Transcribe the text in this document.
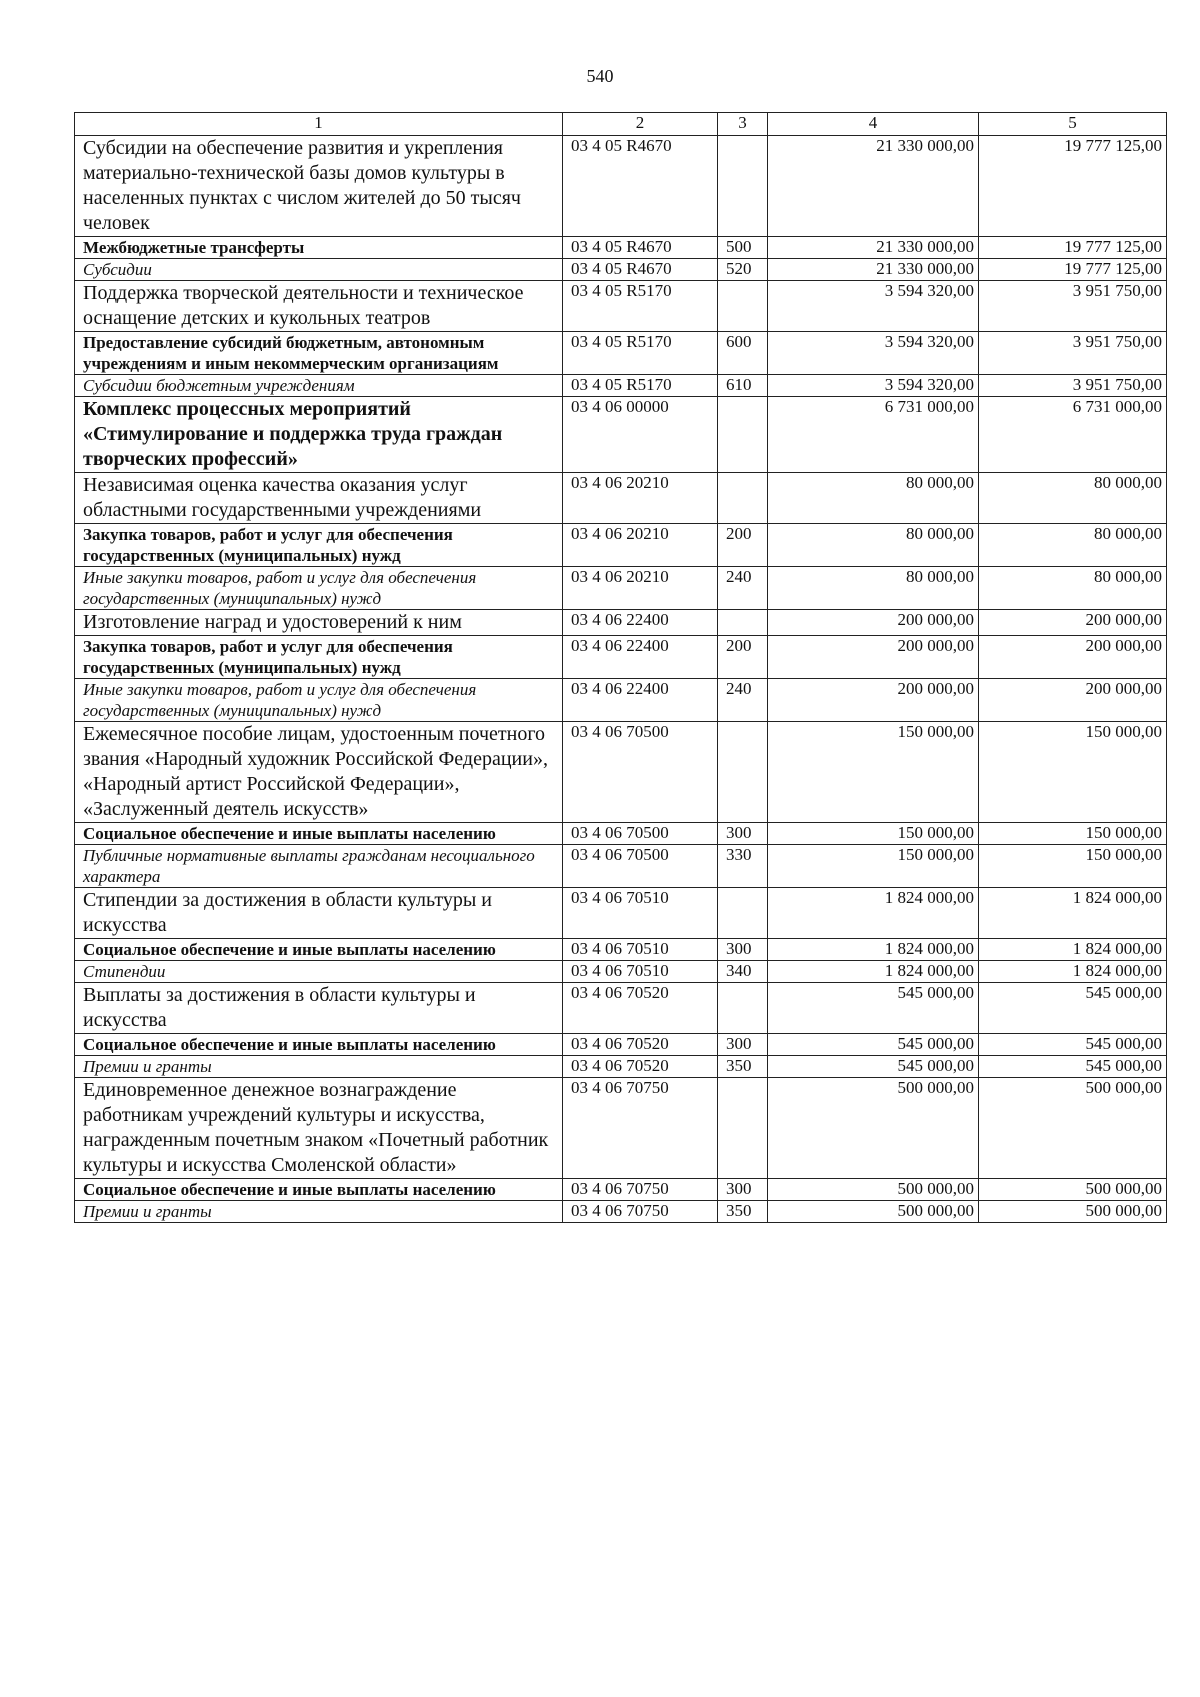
540
1	2	3	4	5
Субсидии на обеспечение развития и укрепления материально-технической базы домов культуры в населенных пунктах с числом жителей до 50 тысяч человек	03 4 05 R4670		21 330 000,00	19 777 125,00
Межбюджетные трансферты	03 4 05 R4670	500	21 330 000,00	19 777 125,00
Субсидии	03 4 05 R4670	520	21 330 000,00	19 777 125,00
Поддержка творческой деятельности и техническое оснащение детских и кукольных театров	03 4 05 R5170		3 594 320,00	3 951 750,00
Предоставление субсидий бюджетным, автономным учреждениям и иным некоммерческим организациям	03 4 05 R5170	600	3 594 320,00	3 951 750,00
Субсидии бюджетным учреждениям	03 4 05 R5170	610	3 594 320,00	3 951 750,00
Комплекс процессных мероприятий «Стимулирование и поддержка труда граждан творческих профессий»	03 4 06 00000		6 731 000,00	6 731 000,00
Независимая оценка качества оказания услуг областными государственными учреждениями	03 4 06 20210		80 000,00	80 000,00
Закупка товаров, работ и услуг для обеспечения государственных (муниципальных) нужд	03 4 06 20210	200	80 000,00	80 000,00
Иные закупки товаров, работ и услуг для обеспечения государственных (муниципальных) нужд	03 4 06 20210	240	80 000,00	80 000,00
Изготовление наград и удостоверений к ним	03 4 06 22400		200 000,00	200 000,00
Закупка товаров, работ и услуг для обеспечения государственных (муниципальных) нужд	03 4 06 22400	200	200 000,00	200 000,00
Иные закупки товаров, работ и услуг для обеспечения государственных (муниципальных) нужд	03 4 06 22400	240	200 000,00	200 000,00
Ежемесячное пособие лицам, удостоенным почетного звания «Народный художник Российской Федерации», «Народный артист Российской Федерации», «Заслуженный деятель искусств»	03 4 06 70500		150 000,00	150 000,00
Социальное обеспечение и иные выплаты населению	03 4 06 70500	300	150 000,00	150 000,00
Публичные нормативные выплаты гражданам несоциального характера	03 4 06 70500	330	150 000,00	150 000,00
Стипендии за достижения в области культуры и искусства	03 4 06 70510		1 824 000,00	1 824 000,00
Социальное обеспечение и иные выплаты населению	03 4 06 70510	300	1 824 000,00	1 824 000,00
Стипендии	03 4 06 70510	340	1 824 000,00	1 824 000,00
Выплаты за достижения в области культуры и искусства	03 4 06 70520		545 000,00	545 000,00
Социальное обеспечение и иные выплаты населению	03 4 06 70520	300	545 000,00	545 000,00
Премии и гранты	03 4 06 70520	350	545 000,00	545 000,00
Единовременное денежное вознаграждение работникам учреждений культуры и искусства, награжденным почетным знаком «Почетный работник культуры и искусства Смоленской области»	03 4 06 70750		500 000,00	500 000,00
Социальное обеспечение и иные выплаты населению	03 4 06 70750	300	500 000,00	500 000,00
Премии и гранты	03 4 06 70750	350	500 000,00	500 000,00
